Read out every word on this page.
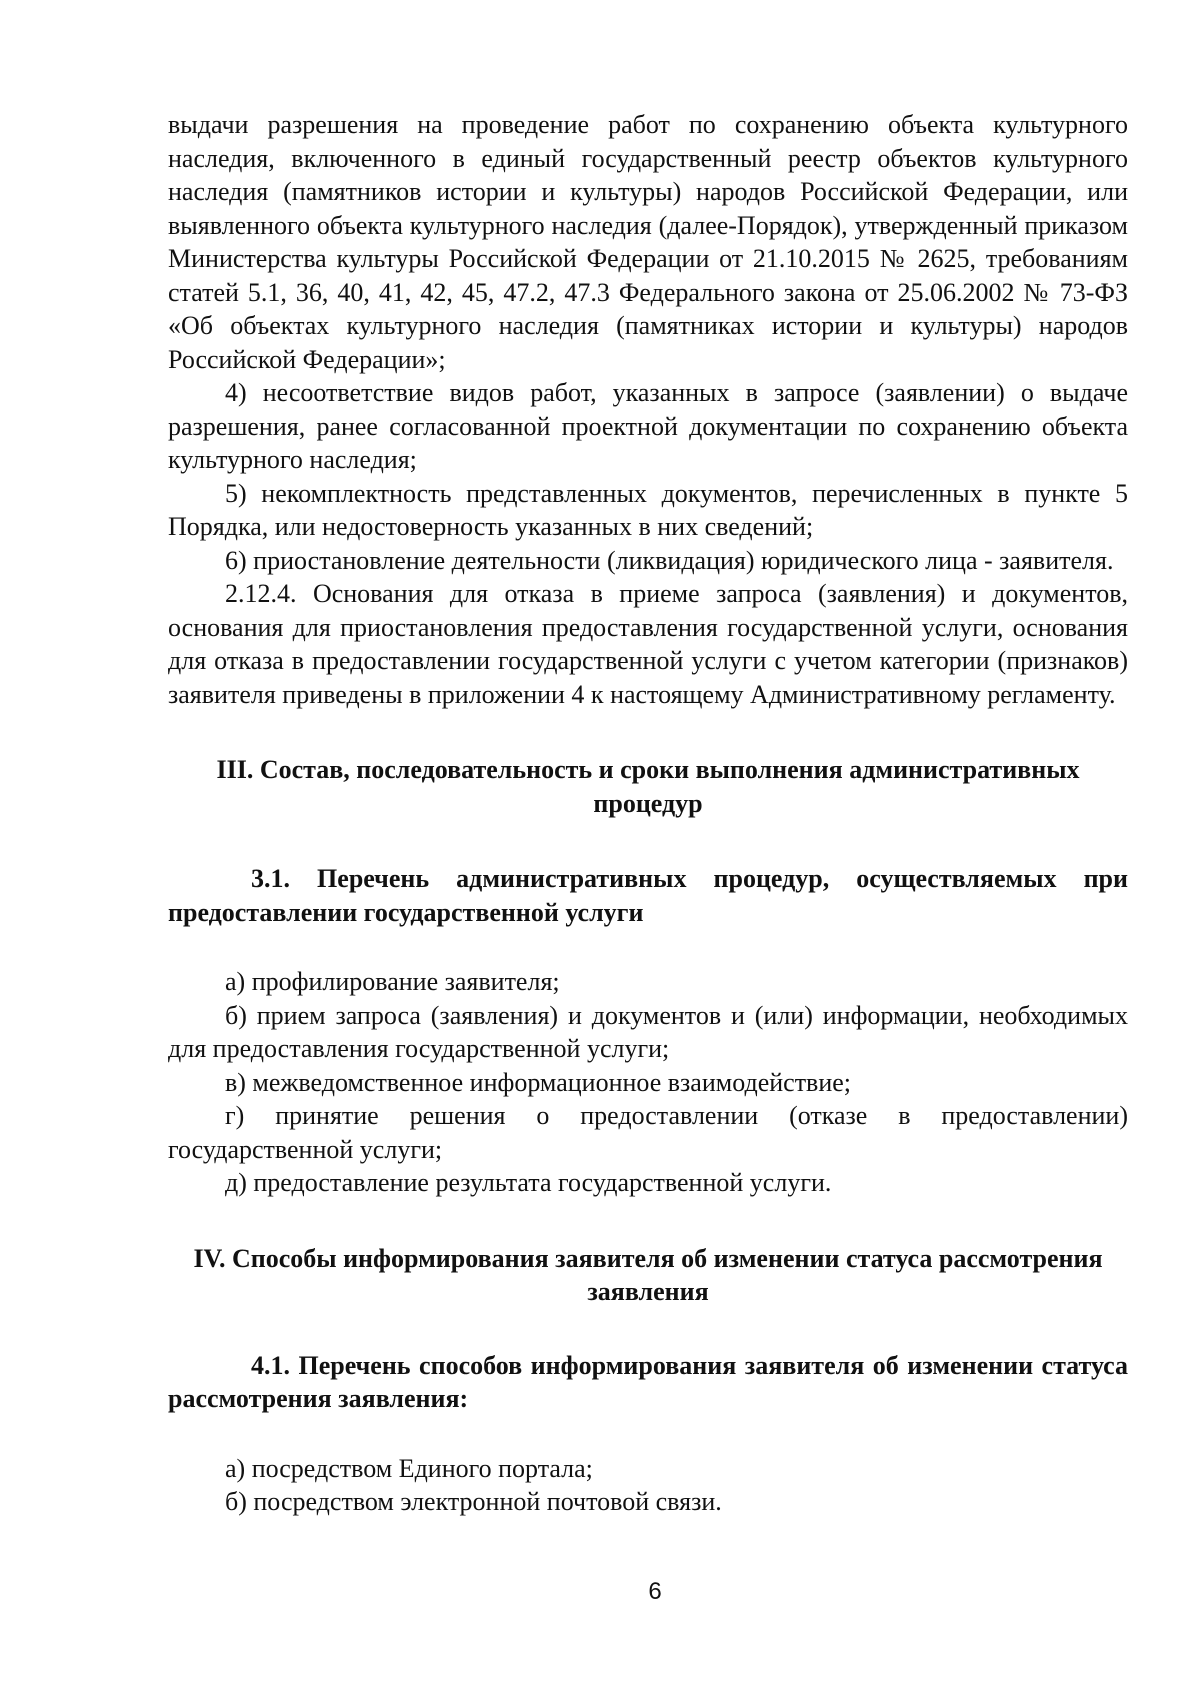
выдачи разрешения на проведение работ по сохранению объекта культурного наследия, включенного в единый государственный реестр объектов культурного наследия (памятников истории и культуры) народов Российской Федерации, или выявленного объекта культурного наследия (далее-Порядок), утвержденный приказом Министерства культуры Российской Федерации от 21.10.2015 № 2625, требованиям статей 5.1, 36, 40, 41, 42, 45, 47.2, 47.3 Федерального закона от 25.06.2002 № 73-ФЗ «Об объектах культурного наследия (памятниках истории и культуры) народов Российской Федерации»;

4) несоответствие видов работ, указанных в запросе (заявлении) о выдаче разрешения, ранее согласованной проектной документации по сохранению объекта культурного наследия;

5) некомплектность представленных документов, перечисленных в пункте 5 Порядка, или недостоверность указанных в них сведений;

6) приостановление деятельности (ликвидация) юридического лица - заявителя.

2.12.4. Основания для отказа в приеме запроса (заявления) и документов, основания для приостановления предоставления государственной услуги, основания для отказа в предоставлении государственной услуги с учетом категории (признаков) заявителя приведены в приложении 4 к настоящему Административному регламенту.

III. Состав, последовательность и сроки выполнения административных процедур

3.1. Перечень административных процедур, осуществляемых при предоставлении государственной услуги

а) профилирование заявителя;

б) прием запроса (заявления) и документов и (или) информации, необходимых для предоставления государственной услуги;

в) межведомственное информационное взаимодействие;

г) принятие решения о предоставлении (отказе в предоставлении) государственной услуги;

д) предоставление результата государственной услуги.

IV. Способы информирования заявителя об изменении статуса рассмотрения заявления

4.1. Перечень способов информирования заявителя об изменении статуса рассмотрения заявления:

а) посредством Единого портала;

б) посредством электронной почтовой связи.

6
